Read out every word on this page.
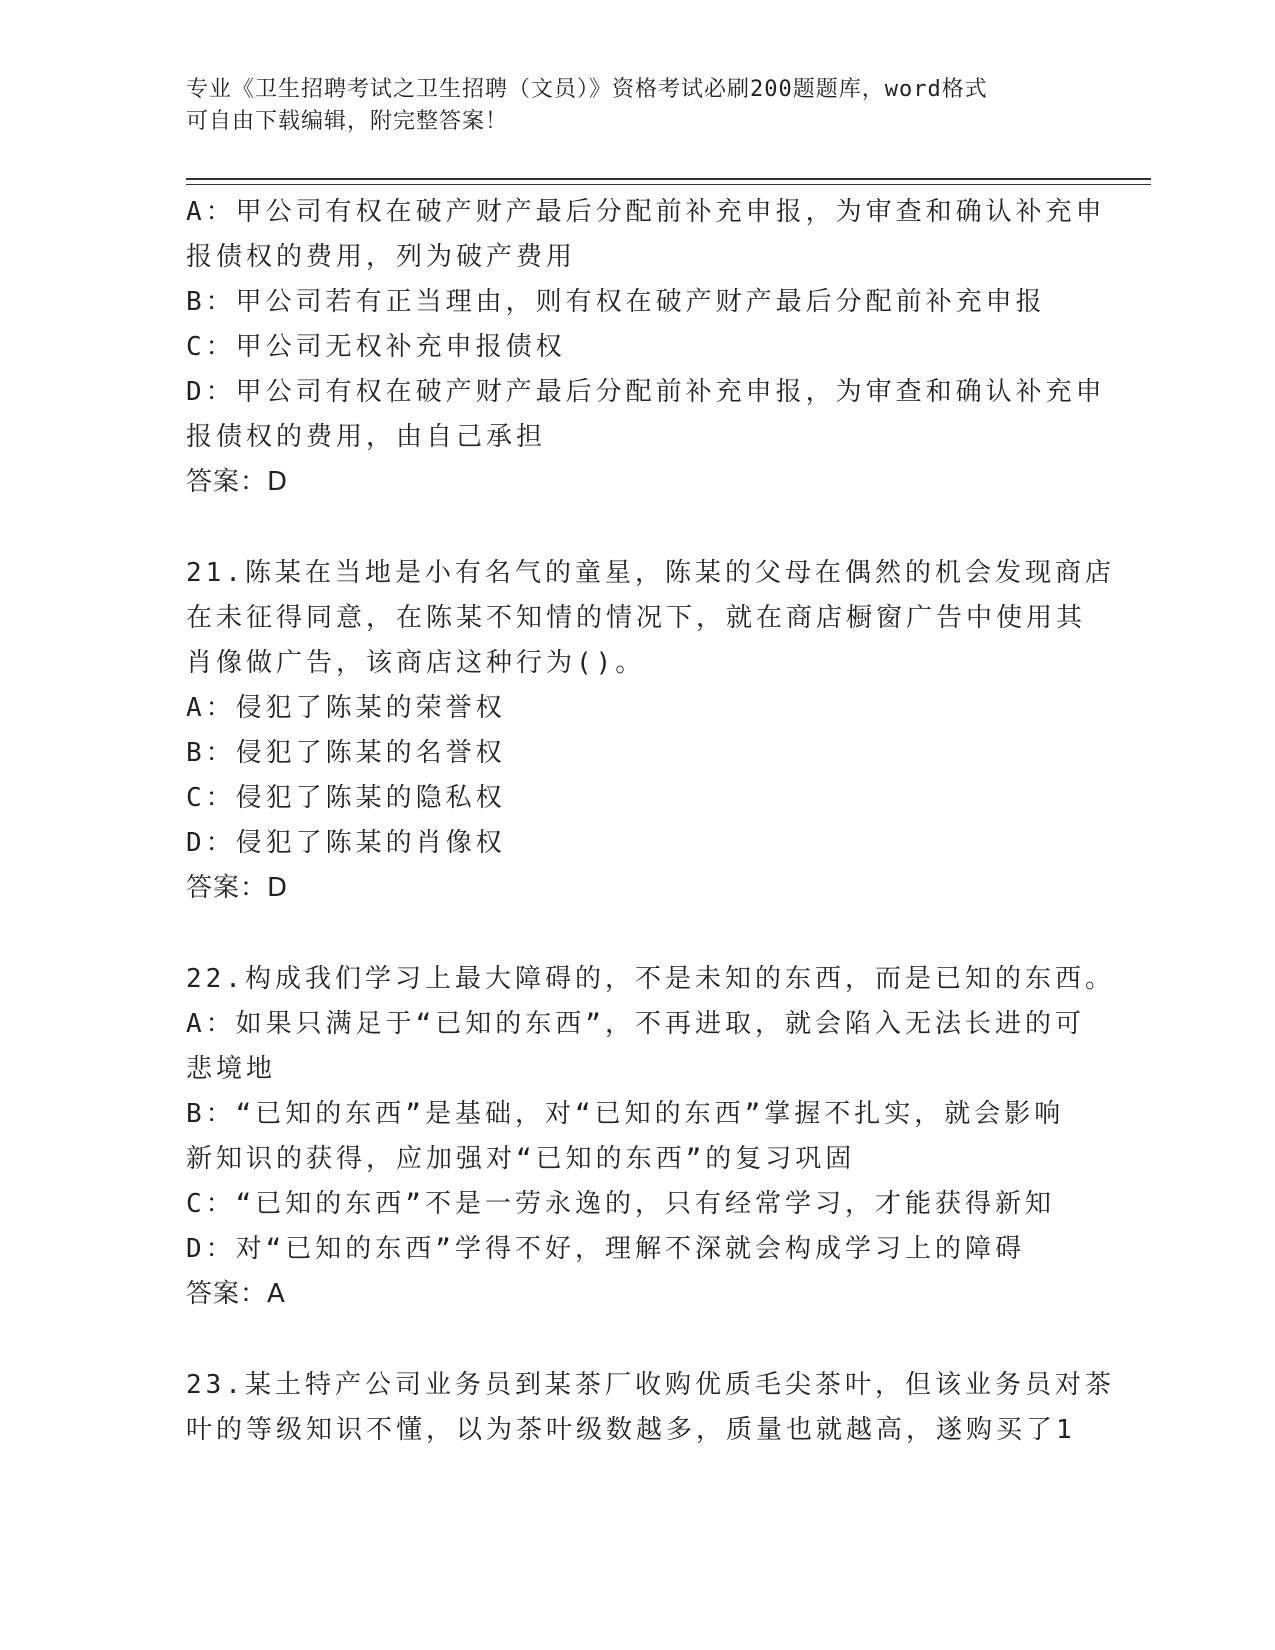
专业《卫生招聘考试之卫生招聘（文员）》资格考试必刷200题题库，word格式
可自由下载编辑，附完整答案！
A：甲公司有权在破产财产最后分配前补充申报，为审查和确认补充申
报债权的费用，列为破产费用
B：甲公司若有正当理由，则有权在破产财产最后分配前补充申报
C：甲公司无权补充申报债权
D：甲公司有权在破产财产最后分配前补充申报，为审查和确认补充申
报债权的费用，由自己承担
答案：D
21.陈某在当地是小有名气的童星，陈某的父母在偶然的机会发现商店
在未征得同意，在陈某不知情的情况下，就在商店橱窗广告中使用其
肖像做广告，该商店这种行为()。
A：侵犯了陈某的荣誉权
B：侵犯了陈某的名誉权
C：侵犯了陈某的隐私权
D：侵犯了陈某的肖像权
答案：D
22.构成我们学习上最大障碍的，不是未知的东西，而是已知的东西。
A：如果只满足于“已知的东西”，不再进取，就会陷入无法长进的可
悲境地
B：“已知的东西”是基础，对“已知的东西”掌握不扎实，就会影响
新知识的获得，应加强对“已知的东西”的复习巩固
C：“已知的东西”不是一劳永逸的，只有经常学习，才能获得新知
D：对“已知的东西”学得不好，理解不深就会构成学习上的障碍
答案：A
23.某土特产公司业务员到某茶厂收购优质毛尖茶叶，但该业务员对茶
叶的等级知识不懂，以为茶叶级数越多，质量也就越高，遂购买了1
